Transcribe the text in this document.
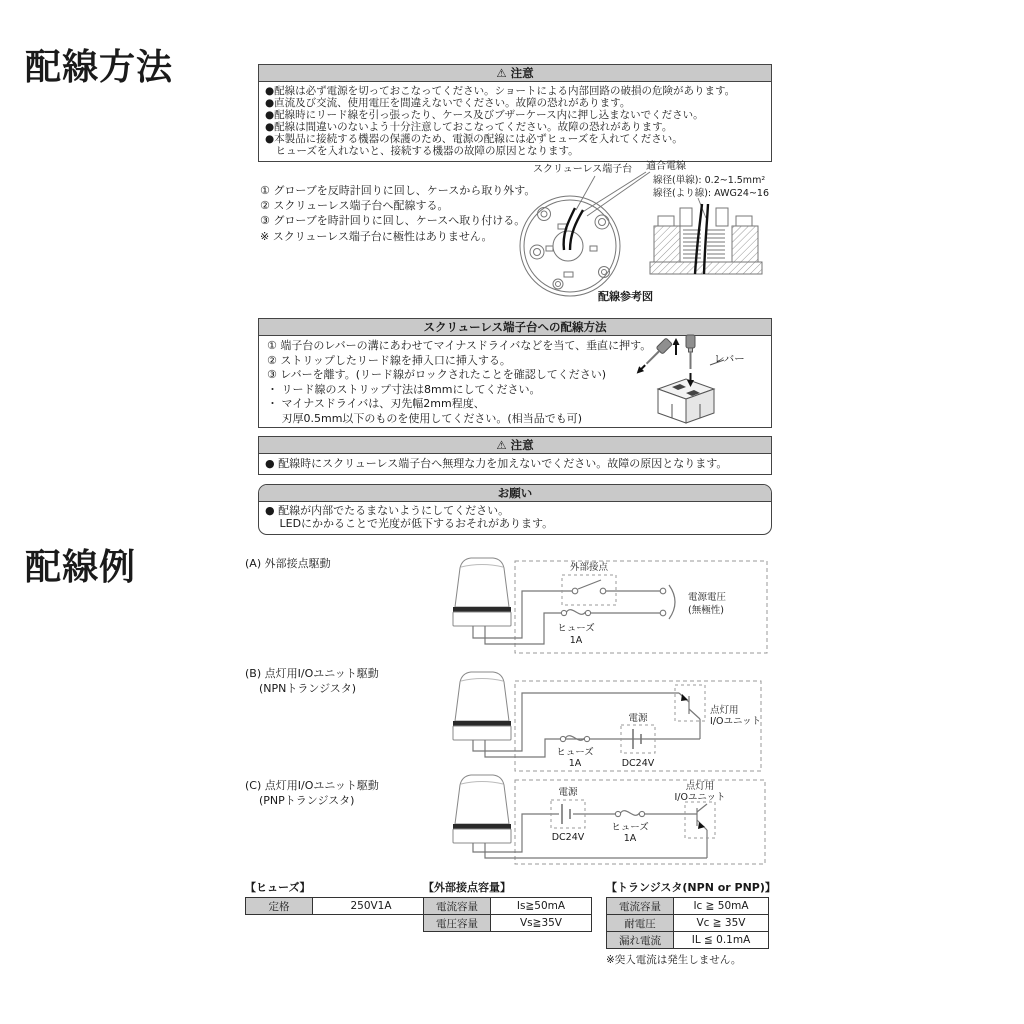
配線方法	⚠ 注意
●配線は必ず電源を切っておこなってください。ショートによる内部回路の破損の危険があります。
●直流及び交流、使用電圧を間違えないでください。故障の恐れがあります。
●配線時にリード線を引っ張ったり、ケース及びブザーケース内に押し込まないでください。
●配線は間違いのないよう十分注意しておこなってください。故障の恐れがあります。
●本製品に接続する機器の保護のため、電源の配線には必ずヒューズを入れてください。
　ヒューズを入れないと、接続する機器の故障の原因となります。
① グローブを反時計回りに回し、ケースから取り外す。
② スクリューレス端子台へ配線する。
③ グローブを時計回りに回し、ケースへ取り付ける。
※ スクリューレス端子台に極性はありません。
スクリューレス端子台 適合電線
線径(単線): 0.2~1.5mm²
線径(より線): AWG24~16
配線参考図
スクリューレス端子台への配線方法
① 端子台のレバーの溝にあわせてマイナスドライバなどを当て、垂直に押す。
② ストリップしたリード線を挿入口に挿入する。
③ レバーを離す。(リード線がロックされたことを確認してください)
・ リード線のストリップ寸法は8mmにしてください。
・ マイナスドライバは、刃先幅2mm程度、
　 刃厚0.5mm以下のものを使用してください。(相当品でも可)
レバー
⚠ 注意
● 配線時にスクリューレス端子台へ無理な力を加えないでください。故障の原因となります。
お願い
● 配線が内部でたるまないようにしてください。
　 LEDにかかることで光度が低下するおそれがあります。
配線例	(A) 外部接点駆動	外部接点
ヒューズ
1A
電源電圧
(無極性)
(B) 点灯用I/Oユニット駆動
(NPNトランジスタ)
電源
DC24V
ヒューズ
1A
点灯用
I/Oユニット
(C) 点灯用I/Oユニット駆動
(PNPトランジスタ)
電源
DC24V
ヒューズ
1A
点灯用
I/Oユニット
【ヒューズ】
定格	250V1A
【外部接点容量】
電流容量	Is≧50mA
電圧容量	Vs≧35V
【トランジスタ(NPN or PNP)】
電流容量	Ic ≧ 50mA
耐電圧	Vc ≧ 35V
漏れ電流	IL ≦ 0.1mA
※突入電流は発生しません。
